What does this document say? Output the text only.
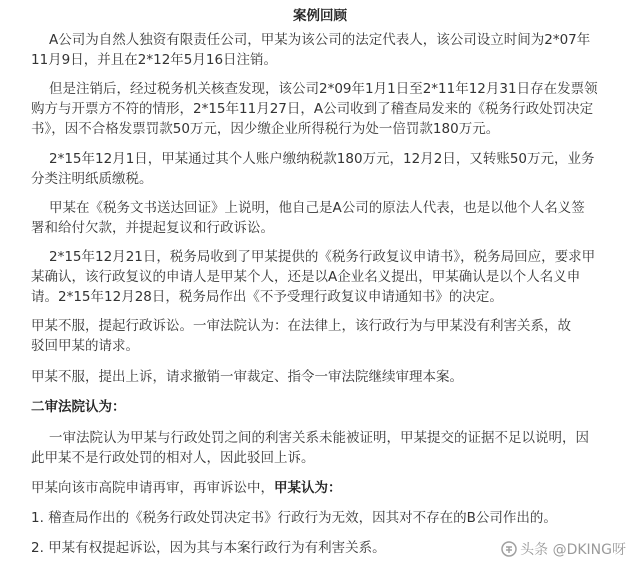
案例回顾
A公司为自然人独资有限责任公司，甲某为该公司的法定代表人，该公司设立时间为2*07年
11月9日，并且在2*12年5月16日注销。
但是注销后，经过税务机关核查发现，该公司2*09年1月1日至2*11年12月31日存在发票领
购方与开票方不符的情形，2*15年11月27日，A公司收到了稽查局发来的《税务行政处罚决定
书》，因不合格发票罚款50万元，因少缴企业所得税行为处一倍罚款180万元。
2*15年12月1日，甲某通过其个人账户缴纳税款180万元，12月2日，又转账50万元，业务
分类注明纸质缴税。
甲某在《税务文书送达回证》上说明，他自己是A公司的原法人代表，也是以他个人名义签
署和给付欠款，并提起复议和行政诉讼。
2*15年12月21日，税务局收到了甲某提供的《税务行政复议申请书》，税务局回应，要求甲
某确认，该行政复议的申请人是甲某个人，还是以A企业名义提出，甲某确认是以个人名义申
请。2*15年12月28日，税务局作出《不予受理行政复议申请通知书》的决定。
甲某不服，提起行政诉讼。一审法院认为：在法律上，该行政行为与甲某没有利害关系，故
驳回甲某的请求。
甲某不服，提出上诉，请求撤销一审裁定、指令一审法院继续审理本案。
二审法院认为：
一审法院认为甲某与行政处罚之间的利害关系未能被证明，甲某提交的证据不足以说明，因
此甲某不是行政处罚的相对人，因此驳回上诉。
甲某向该市高院申请再审，再审诉讼中，甲某认为：
1. 稽查局作出的《税务行政处罚决定书》行政行为无效，因其对不存在的B公司作出的。
2. 甲某有权提起诉讼，因为其与本案行政行为有利害关系。	头条 @DKING呀
